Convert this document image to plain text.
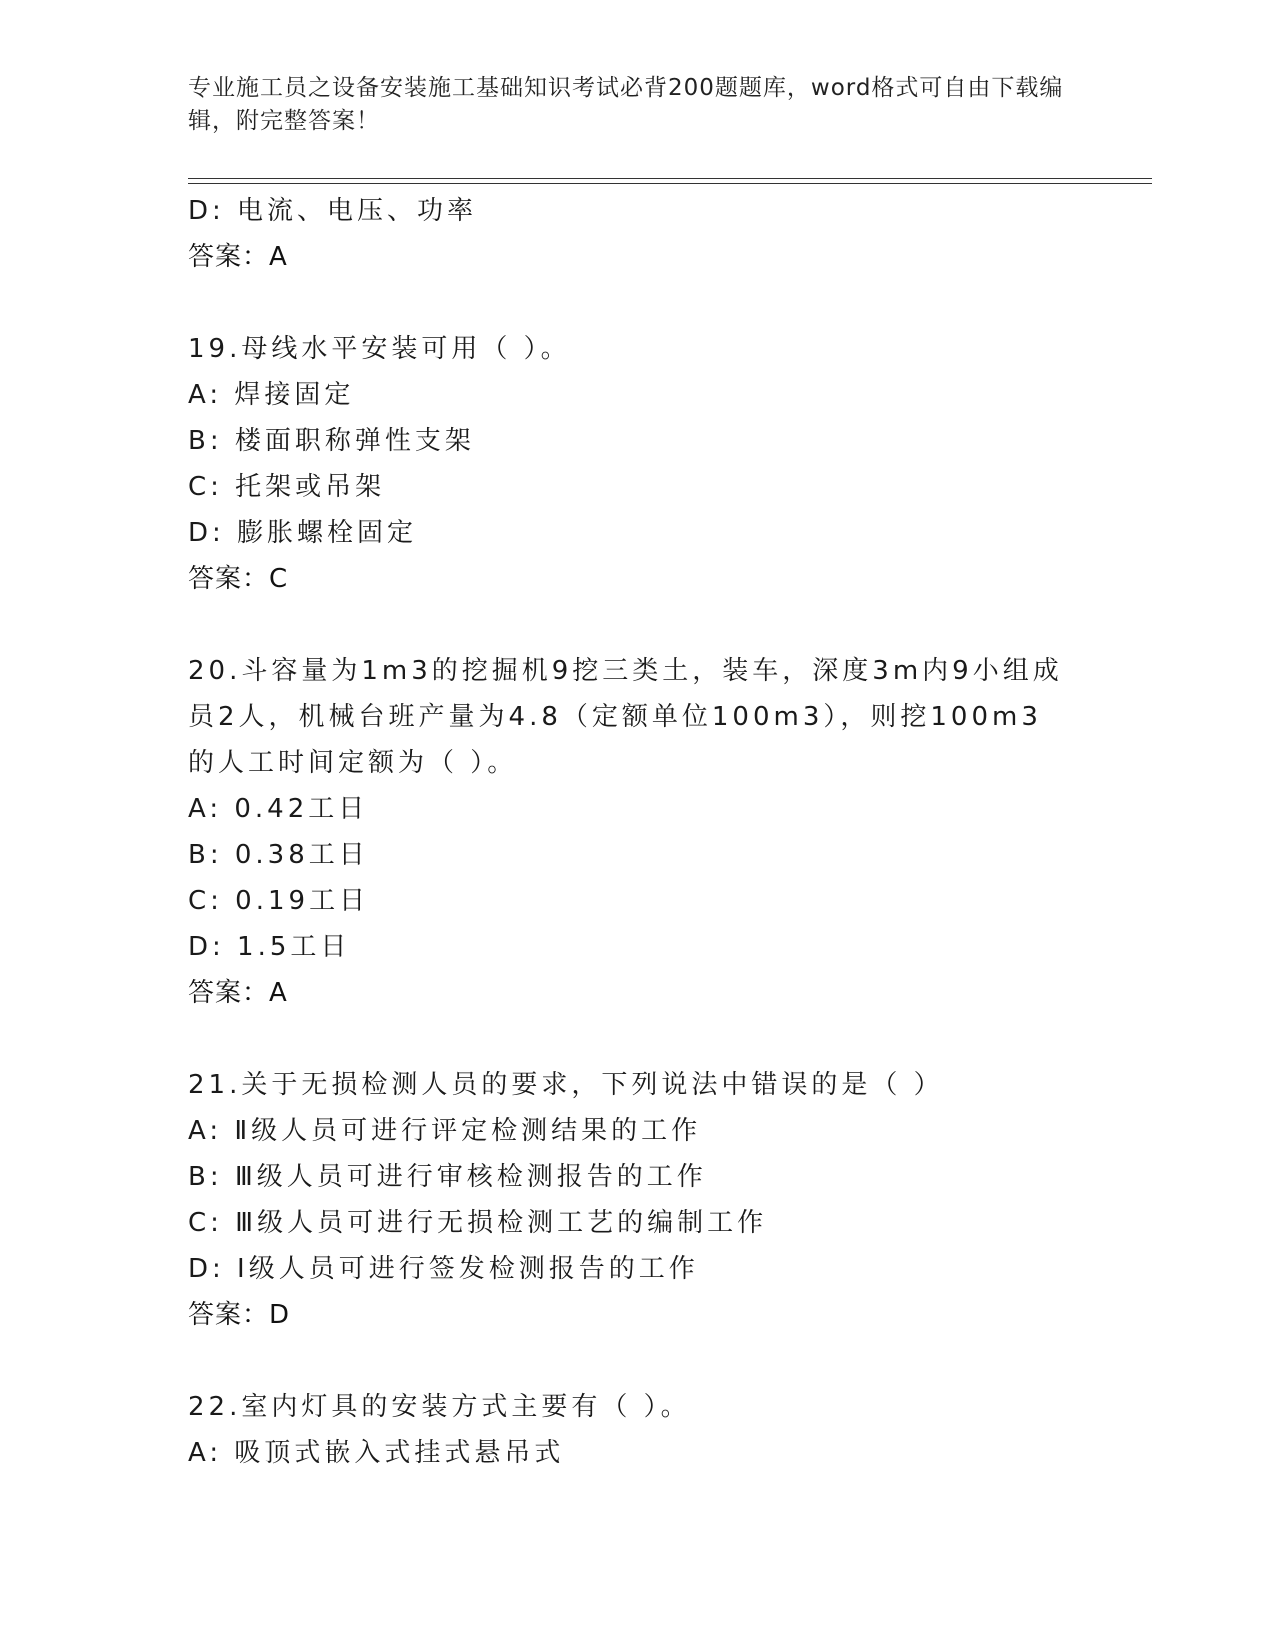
专业施工员之设备安装施工基础知识考试必背200题题库，word格式可自由下载编辑，附完整答案！
D: 电流、电压、功率
答案：A
19.母线水平安装可用（ ）。
A: 焊接固定
B: 楼面职称弹性支架
C: 托架或吊架
D: 膨胀螺栓固定
答案：C
20.斗容量为1m3的挖掘机9挖三类土，装车，深度3m内9小组成员2人，机械台班产量为4.8（定额单位100m3），则挖100m3的人工时间定额为（ ）。
A: 0.42工日
B: 0.38工日
C: 0.19工日
D: 1.5工日
答案：A
21.关于无损检测人员的要求，下列说法中错误的是（ ）
A: Ⅱ级人员可进行评定检测结果的工作
B: Ⅲ级人员可进行审核检测报告的工作
C: Ⅲ级人员可进行无损检测工艺的编制工作
D: Ⅰ级人员可进行签发检测报告的工作
答案：D
22.室内灯具的安装方式主要有（ ）。
A: 吸顶式嵌入式挂式悬吊式
